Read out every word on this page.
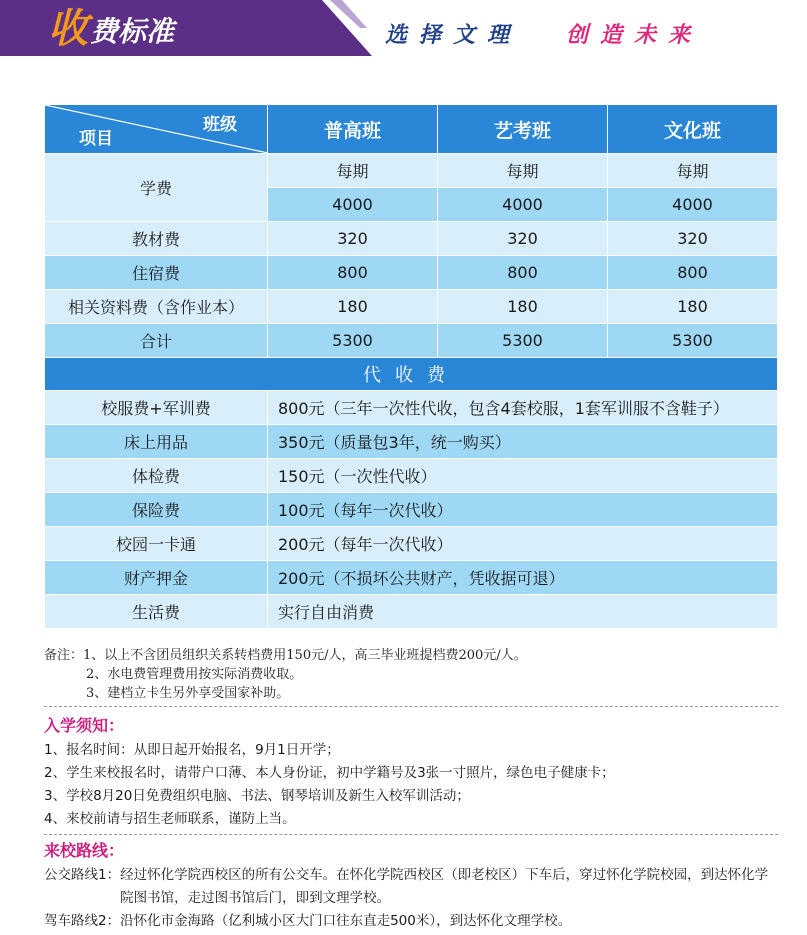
收 费标准	选择文理 创造未来
班级
项目	普高班	艺考班	文化班
学费	每期	每期	每期
	4000	4000	4000
教材费	320	320	320
住宿费	800	800	800
相关资料费（含作业本）	180	180	180
合计	5300	5300	5300
代收费			
校服费+军训费	800元（三年一次性代收，包含4套校服，1套军训服不含鞋子）		
床上用品	350元（质量包3年，统一购买）		
体检费	150元（一次性代收）		
保险费	100元（每年一次代收）		
校园一卡通	200元（每年一次代收）		
财产押金	200元（不损坏公共财产，凭收据可退）		
生活费	实行自由消费		
备注：1、以上不含团员组织关系转档费用150元/人，高三毕业班提档费200元/人。
2、水电费管理费用按实际消费收取。
3、建档立卡生另外享受国家补助。
入学须知：
1、报名时间：从即日起开始报名，9月1日开学；
2、学生来校报名时，请带户口薄、本人身份证，初中学籍号及3张一寸照片，绿色电子健康卡；
3、学校8月20日免费组织电脑、书法、钢琴培训及新生入校军训活动；
4、来校前请与招生老师联系，谨防上当。
来校路线：
公交路线1： 经过怀化学院西校区的所有公交车。在怀化学院西校区（即老校区）下车后，穿过怀化学院校园，到达怀化学院图书馆，走过图书馆后门，即到文理学校。
驾车路线2： 沿怀化市金海路（亿利城小区大门口往东直走500米），到达怀化文理学校。
